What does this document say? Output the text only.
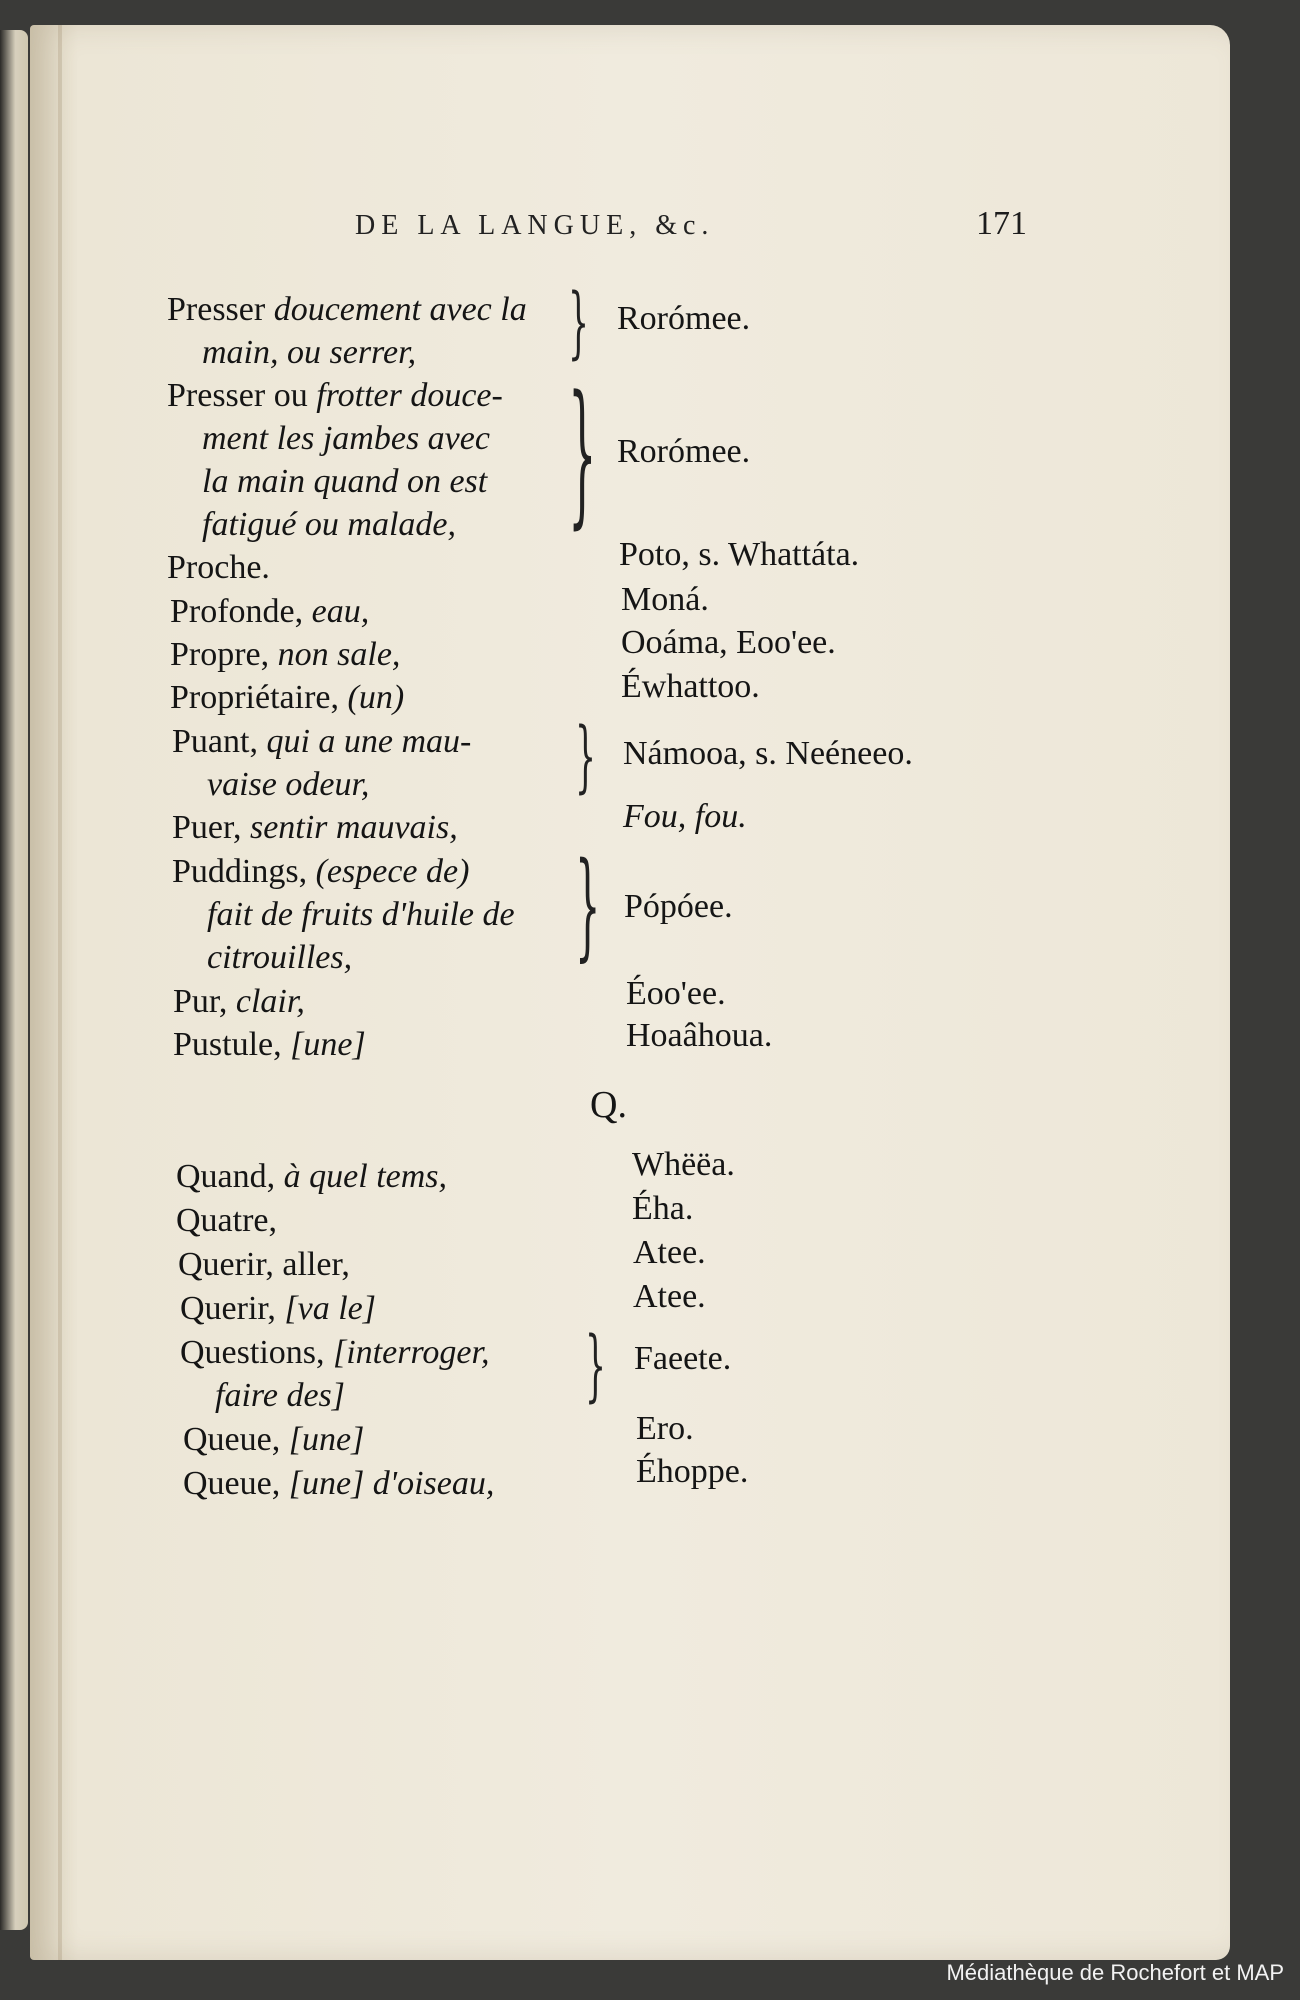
DE LA LANGUE, &c.	171
Presser doucement avec la
main, ou serrer,
Presser ou frotter douce-
ment les jambes avec
la main quand on est
fatigué ou malade,
Proche.
Profonde, eau,
Propre, non sale,
Propriétaire, (un)
Puant, qui a une mau-
vaise odeur,
Puer, sentir mauvais,
Puddings, (espece de)
fait de fruits d'huile de
citrouilles,
Pur, clair,
Pustule, [une]
}
}
}
}
Rorómee.
Rorómee.
Poto, s. Whattáta.
Moná.
Ooáma, Eoo'ee.
Éwhattoo.
Námooa, s. Neéneeo.
Fou, fou.
Pópóee.
Éoo'ee.
Hoaâhoua.
Q.
Quand, à quel tems,
Quatre,
Querir, aller,
Querir, [va le]
Questions, [interroger,
faire des]
Queue, [une]
Queue, [une] d'oiseau,
}
Whëëa.
Éha.
Atee.
Atee.
Faeete.
Ero.
Éhoppe.
Médiathèque de Rochefort et MAP
